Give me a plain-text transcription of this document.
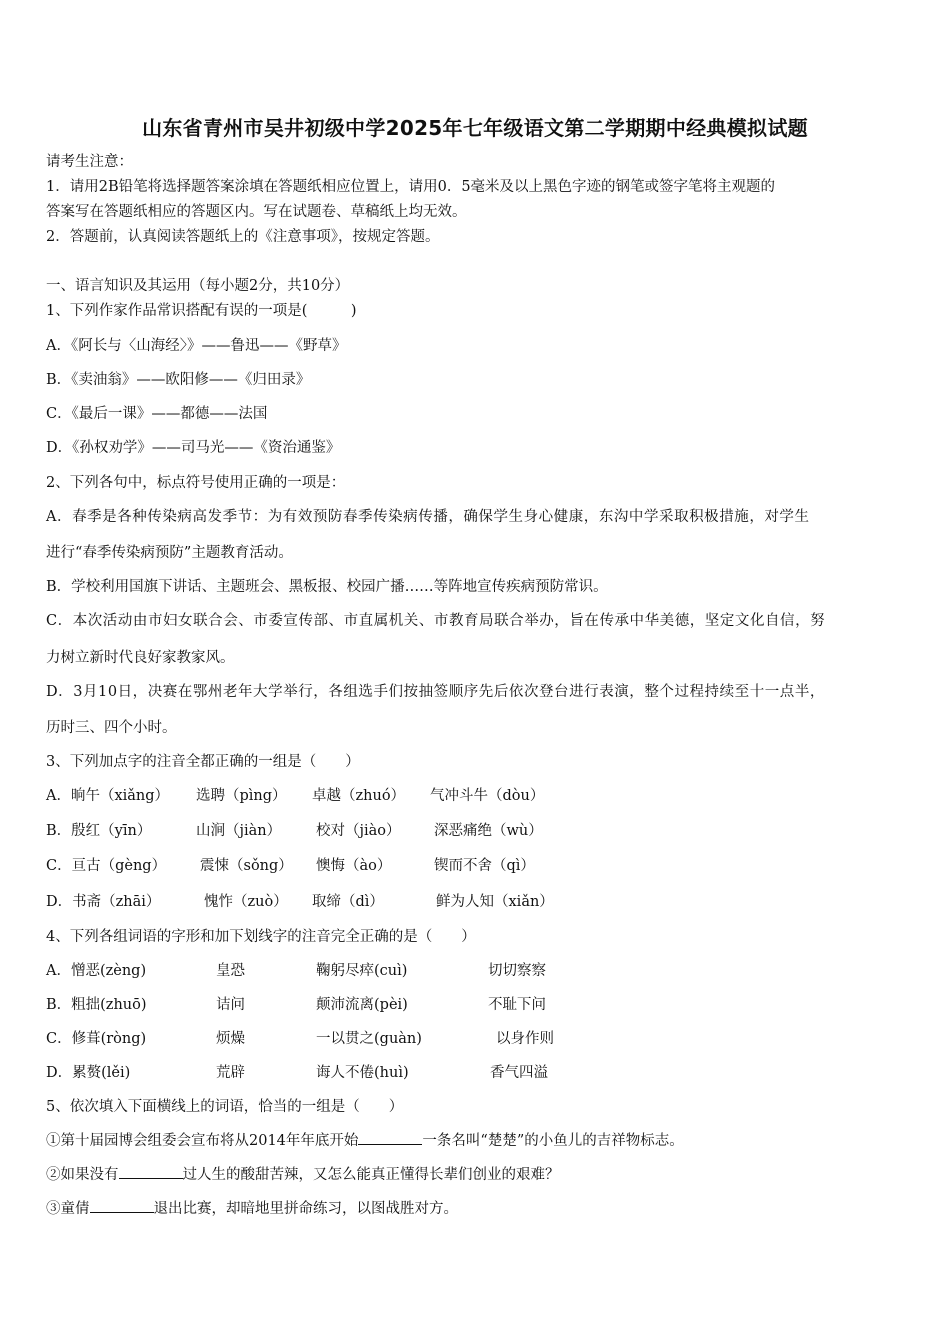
山东省青州市吴井初级中学2025年七年级语文第二学期期中经典模拟试题
请考生注意：
1．请用2B铅笔将选择题答案涂填在答题纸相应位置上，请用0．5毫米及以上黑色字迹的钢笔或签字笔将主观题的
答案写在答题纸相应的答题区内。写在试题卷、草稿纸上均无效。
2．答题前，认真阅读答题纸上的《注意事项》，按规定答题。
一、语言知识及其运用（每小题2分，共10分）
1、下列作家作品常识搭配有误的一项是(　　　)
A．《阿长与〈山海经〉》——鲁迅——《野草》
B．《卖油翁》——欧阳修——《归田录》
C．《最后一课》——都德——法国
D．《孙权劝学》——司马光——《资治通鉴》
2、下列各句中，标点符号使用正确的一项是：
A．春季是各种传染病高发季节：为有效预防春季传染病传播，确保学生身心健康，东沟中学采取积极措施，对学生
进行“春季传染病预防”主题教育活动。
B．学校利用国旗下讲话、主题班会、黑板报、校园广播……等阵地宣传疾病预防常识。
C．本次活动由市妇女联合会、市委宣传部、市直属机关、市教育局联合举办，旨在传承中华美德，坚定文化自信，努
力树立新时代良好家教家风。
D．3月10日，决赛在鄂州老年大学举行，各组选手们按抽签顺序先后依次登台进行表演，整个过程持续至十一点半，
历时三、四个小时。
3、下列加点字的注音全都正确的一组是（　　）
A．晌午（xiǎng） 选聘（pìng） 卓越（zhuó） 气冲斗牛（dòu）
B．殷红（yīn）	山涧（jiàn） 校对（jiào） 深恶痛绝（wù）
C．亘古（gèng） 震悚（sǒng） 懊悔（ào）	锲而不舍（qì）
D．书斋（zhāi）	愧怍（zuò） 取缔（dì）	鲜为人知（xiǎn）
4、下列各组词语的字形和加下划线字的注音完全正确的是（　　）
A．憎恶(zèng)	皇恐	鞠躬尽瘁(cuì)	切切察察
B．粗拙(zhuō)	诘问	颠沛流离(pèi)	不耻下问
C．修葺(ròng)	烦燥	一以贯之(guàn)	以身作则
D．累赘(lěi)	荒辟	诲人不倦(huì)	香气四溢
5、依次填入下面横线上的词语，恰当的一组是（　　）
①第十届园博会组委会宣布将从2014年年底开始	一条名叫“楚楚”的小鱼儿的吉祥物标志。
②如果没有	过人生的酸甜苦辣，又怎么能真正懂得长辈们创业的艰难？
③童倩	退出比赛，却暗地里拼命练习，以图战胜对方。
